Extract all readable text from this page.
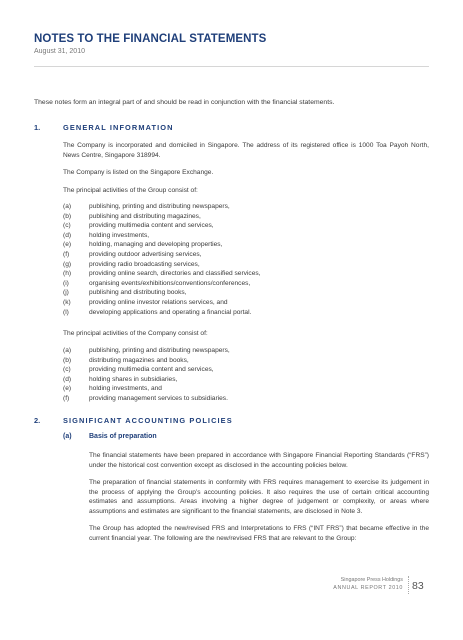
NOTES TO THE FINANCIAL STATEMENTS
August 31, 2010
These notes form an integral part of and should be read in conjunction with the financial statements.
1.	GENERAL INFORMATION
The Company is incorporated and domiciled in Singapore. The address of its registered office is 1000 Toa Payoh North, News Centre, Singapore 318994.
The Company is listed on the Singapore Exchange.
The principal activities of the Group consist of:
(a)	publishing, printing and distributing newspapers,
(b)	publishing and distributing magazines,
(c)	providing multimedia content and services,
(d)	holding investments,
(e)	holding, managing and developing properties,
(f)	providing outdoor advertising services,
(g)	providing radio broadcasting services,
(h)	providing online search, directories and classified services,
(i)	organising events/exhibitions/conventions/conferences,
(j)	publishing and distributing books,
(k)	providing online investor relations services, and
(l)	developing applications and operating a financial portal.
The principal activities of the Company consist of:
(a)	publishing, printing and distributing newspapers,
(b)	distributing magazines and books,
(c)	providing multimedia content and services,
(d)	holding shares in subsidiaries,
(e)	holding investments, and
(f)	providing management services to subsidiaries.
2.	SIGNIFICANT ACCOUNTING POLICIES
(a) Basis of preparation
The financial statements have been prepared in accordance with Singapore Financial Reporting Standards (“FRS”) under the historical cost convention except as disclosed in the accounting policies below.
The preparation of financial statements in conformity with FRS requires management to exercise its judgement in the process of applying the Group’s accounting policies. It also requires the use of certain critical accounting estimates and assumptions. Areas involving a higher degree of judgement or complexity, or areas where assumptions and estimates are significant to the financial statements, are disclosed in Note 3.
The Group has adopted the new/revised FRS and Interpretations to FRS (“INT FRS”) that became effective in the current financial year. The following are the new/revised FRS that are relevant to the Group:
Singapore Press Holdings
ANNUAL REPORT 2010 83
